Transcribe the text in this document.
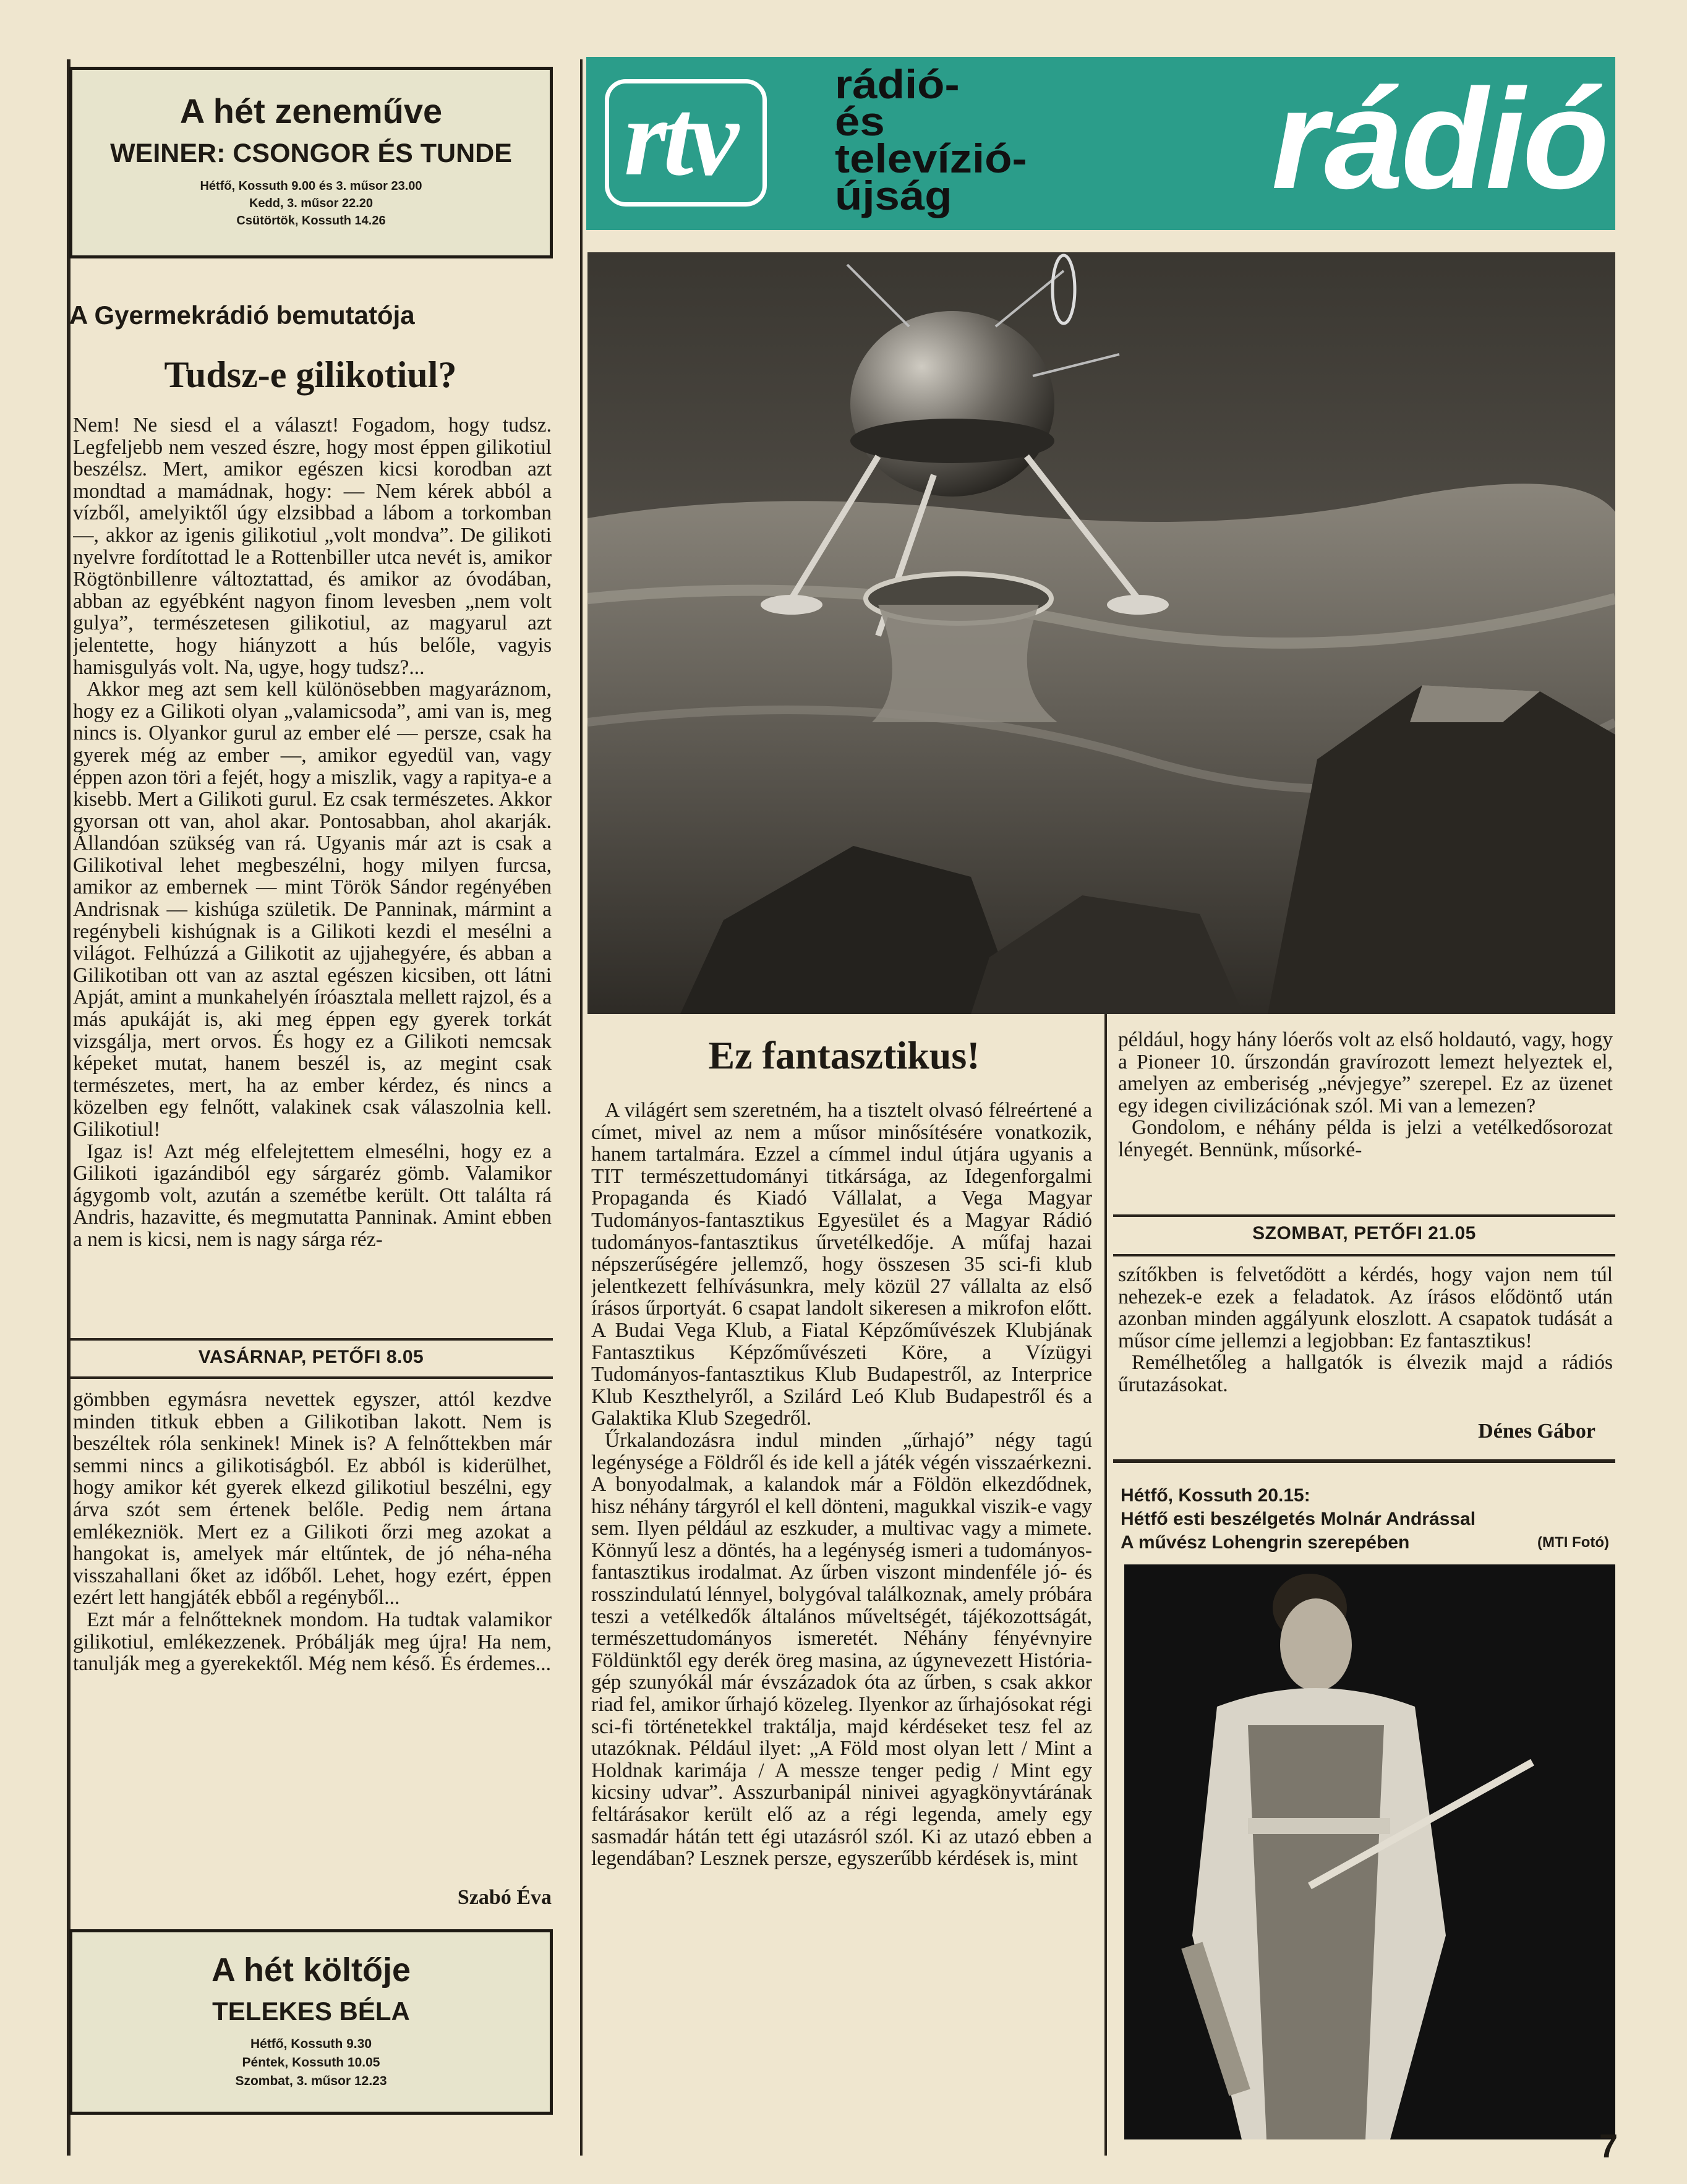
A hét zeneműve
WEINER: CSONGOR ÉS TUNDE
Hétfő, Kossuth 9.00 és 3. műsor 23.00
Kedd, 3. műsor 22.20
Csütörtök, Kossuth 14.26
A Gyermekrádió bemutatója
Tudsz-e gilikotiul?

Nem! Ne siesd el a választ! Fogadom, hogy tudsz. Legfeljebb nem veszed észre, hogy most éppen gilikotiul beszélsz. Mert, amikor egészen kicsi korodban azt mondtad a mamádnak, hogy: — Nem kérek abból a vízből, amelyiktől úgy elzsibbad a lábom a torkomban —, akkor az igenis gilikotiul „volt mondva”. De gilikoti nyelvre fordítottad le a Rottenbiller utca nevét is, amikor Rögtönbillenre változtattad, és amikor az óvodában, abban az egyébként nagyon finom levesben „nem volt gulya”, természetesen gilikotiul, az magyarul azt jelentette, hogy hiányzott a hús belőle, vagyis hamisgulyás volt. Na, ugye, hogy tudsz?...

Akkor meg azt sem kell különösebben magyaráznom, hogy ez a Gilikoti olyan „valamicsoda”, ami van is, meg nincs is. Olyankor gurul az ember elé — persze, csak ha gyerek még az ember —, amikor egyedül van, vagy éppen azon töri a fejét, hogy a miszlik, vagy a rapitya-e a kisebb. Mert a Gilikoti gurul. Ez csak természetes. Akkor gyorsan ott van, ahol akar. Pontosabban, ahol akarják. Állandóan szükség van rá. Ugyanis már azt is csak a Gilikotival lehet megbeszélni, hogy milyen furcsa, amikor az embernek — mint Török Sándor regényében Andrisnak — kishúga születik. De Panninak, mármint a regénybeli kishúgnak is a Gilikoti kezdi el mesélni a világot. Felhúzzá a Gilikotit az ujjahegyére, és abban a Gilikotiban ott van az asztal egészen kicsiben, ott látni Apját, amint a munkahelyén íróasztala mellett rajzol, és a más apukáját is, aki meg éppen egy gyerek torkát vizsgálja, mert orvos. És hogy ez a Gilikoti nemcsak képeket mutat, hanem beszél is, az megint csak természetes, mert, ha az ember kérdez, és nincs a közelben egy felnőtt, valakinek csak válaszolnia kell. Gilikotiul!

Igaz is! Azt még elfelejtettem elmesélni, hogy ez a Gilikoti igazándiból egy sárgaréz gömb. Valamikor ágygomb volt, azután a szemétbe került. Ott találta rá Andris, hazavitte, és megmutatta Panninak. Amint ebben a nem is kicsi, nem is nagy sárga réz-

VASÁRNAP, PETŐFI 8.05

gömbben egymásra nevettek egyszer, attól kezdve minden titkuk ebben a Gilikotiban lakott. Nem is beszéltek róla senkinek! Minek is? A felnőttekben már semmi nincs a gilikotiságból. Ez abból is kiderülhet, hogy amikor két gyerek elkezd gilikotiul beszélni, egy árva szót sem értenek belőle. Pedig nem ártana emlékezniök. Mert ez a Gilikoti őrzi meg azokat a hangokat is, amelyek már eltűntek, de jó néha-néha visszahallani őket az időből. Lehet, hogy ezért, éppen ezért lett hangjáték ebből a regényből...

Ezt már a felnőtteknek mondom. Ha tudtak valamikor gilikotiul, emlékezzenek. Próbálják meg újra! Ha nem, tanulják meg a gyerekektől. Még nem késő. És érdemes...

Szabó Éva
A hét költője
TELEKES BÉLA
Hétfő, Kossuth 9.30
Péntek, Kossuth 10.05
Szombat, 3. műsor 12.23
rtv rádió-
és
televízió-
újság	rádió
Ez fantasztikus!

A világért sem szeretném, ha a tisztelt olvasó félreértené a címet, mivel az nem a műsor minősítésére vonatkozik, hanem tartalmára. Ezzel a címmel indul útjára ugyanis a TIT természettudományi titkársága, az Idegenforgalmi Propaganda és Kiadó Vállalat, a Vega Magyar Tudományos-fantasztikus Egyesület és a Magyar Rádió tudományos-fantasztikus űrvetélkedője. A műfaj hazai népszerűségére jellemző, hogy összesen 35 sci-fi klub jelentkezett felhívásunkra, mely közül 27 vállalta az első írásos űrportyát. 6 csapat landolt sikeresen a mikrofon előtt. A Budai Vega Klub, a Fiatal Képzőművészek Klubjának Fantasztikus Képzőművészeti Köre, a Vízügyi Tudományos-fantasztikus Klub Budapestről, az Interprice Klub Keszthelyről, a Szilárd Leó Klub Budapestről és a Galaktika Klub Szegedről.

Űrkalandozásra indul minden „űrhajó” négy tagú legénysége a Földről és ide kell a játék végén visszaérkezni. A bonyodalmak, a kalandok már a Földön elkezdődnek, hisz néhány tárgyról el kell dönteni, magukkal viszik-e vagy sem. Ilyen például az eszkuder, a multivac vagy a mimete. Könnyű lesz a döntés, ha a legénység ismeri a tudományos-fantasztikus irodalmat. Az űrben viszont mindenféle jó- és rosszindulatú lénnyel, bolygóval találkoznak, amely próbára teszi a vetélkedők általános műveltségét, tájékozottságát, természettudományos ismeretét. Néhány fényévnyire Földünktől egy derék öreg masina, az úgynevezett História-gép szunyókál már évszázadok óta az űrben, s csak akkor riad fel, amikor űrhajó közeleg. Ilyenkor az űrhajósokat régi sci-fi történetekkel traktálja, majd kérdéseket tesz fel az utazóknak. Például ilyet: „A Föld most olyan lett / Mint a Holdnak karimája / A messze tenger pedig / Mint egy kicsiny udvar”. Asszurbanipál ninivei agyagkönyvtárának feltárásakor került elő az a régi legenda, amely egy sasmadár hátán tett égi utazásról szól. Ki az utazó ebben a legendában? Lesznek persze, egyszerűbb kérdések is, mint

például, hogy hány lóerős volt az első holdautó, vagy, hogy a Pioneer 10. űrszondán gravírozott lemezt helyeztek el, amelyen az emberiség „névjegye” szerepel. Ez az üzenet egy idegen civilizációnak szól. Mi van a lemezen?

Gondolom, e néhány példa is jelzi a vetélkedősorozat lényegét. Bennünk, műsorké-

SZOMBAT, PETŐFI 21.05

szítőkben is felvetődött a kérdés, hogy vajon nem túl nehezek-e ezek a feladatok. Az írásos elődöntő után azonban minden aggályunk eloszlott. A csapatok tudását a műsor címe jellemzi a legjobban: Ez fantasztikus!

Remélhetőleg a hallgatók is élvezik majd a rádiós űrutazásokat.

Dénes Gábor
Hétfő, Kossuth 20.15:
Hétfő esti beszélgetés Molnár Andrással
A művész Lohengrin szerepében	(MTI Fotó)
7
